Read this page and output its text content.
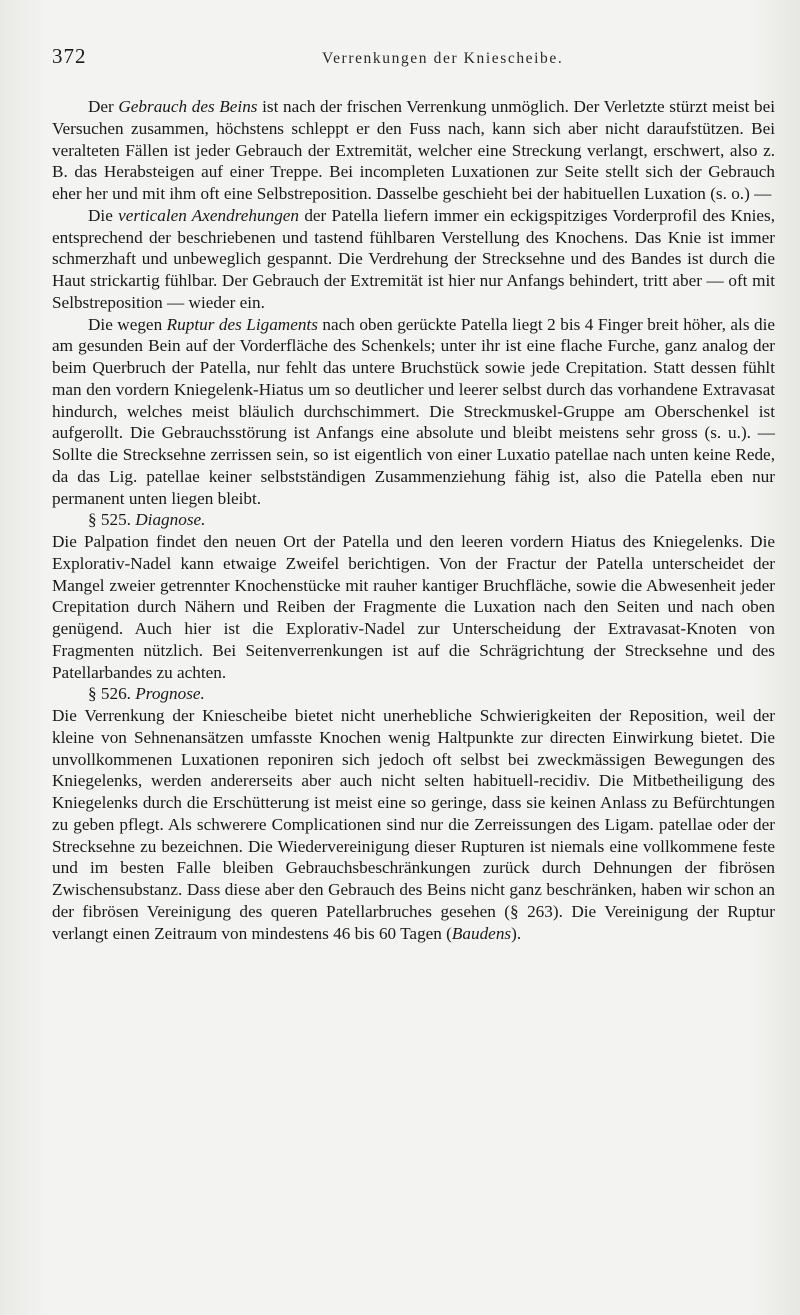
372	Verrenkungen der Kniescheibe.

Der Gebrauch des Beins ist nach der frischen Verrenkung unmöglich. Der Verletzte stürzt meist bei Versuchen zusammen, höchstens schleppt er den Fuss nach, kann sich aber nicht daraufstützen. Bei veralteten Fällen ist jeder Gebrauch der Extremität, welcher eine Streckung verlangt, erschwert, also z. B. das Herabsteigen auf einer Treppe. Bei incompleten Luxationen zur Seite stellt sich der Gebrauch eher her und mit ihm oft eine Selbstreposition. Dasselbe geschieht bei der habituellen Luxation (s. o.) —

Die verticalen Axendrehungen der Patella liefern immer ein eckigspitziges Vorderprofil des Knies, entsprechend der beschriebenen und tastend fühlbaren Verstellung des Knochens. Das Knie ist immer schmerzhaft und unbeweglich gespannt. Die Verdrehung der Strecksehne und des Bandes ist durch die Haut strickartig fühlbar. Der Gebrauch der Extremität ist hier nur Anfangs behindert, tritt aber — oft mit Selbstreposition — wieder ein.

Die wegen Ruptur des Ligaments nach oben gerückte Patella liegt 2 bis 4 Finger breit höher, als die am gesunden Bein auf der Vorderfläche des Schenkels; unter ihr ist eine flache Furche, ganz analog der beim Querbruch der Patella, nur fehlt das untere Bruchstück sowie jede Crepitation. Statt dessen fühlt man den vordern Kniegelenk-Hiatus um so deutlicher und leerer selbst durch das vorhandene Extravasat hindurch, welches meist bläulich durchschimmert. Die Streckmuskel-Gruppe am Oberschenkel ist aufgerollt. Die Gebrauchsstörung ist Anfangs eine absolute und bleibt meistens sehr gross (s. u.). — Sollte die Strecksehne zerrissen sein, so ist eigentlich von einer Luxatio patellae nach unten keine Rede, da das Lig. patellae keiner selbstständigen Zusammenziehung fähig ist, also die Patella eben nur permanent unten liegen bleibt.

§ 525. Diagnose.

Die Palpation findet den neuen Ort der Patella und den leeren vordern Hiatus des Kniegelenks. Die Explorativ-Nadel kann etwaige Zweifel berichtigen. Von der Fractur der Patella unterscheidet der Mangel zweier getrennter Knochenstücke mit rauher kantiger Bruchfläche, sowie die Abwesenheit jeder Crepitation durch Nähern und Reiben der Fragmente die Luxation nach den Seiten und nach oben genügend. Auch hier ist die Explorativ-Nadel zur Unterscheidung der Extravasat-Knoten von Fragmenten nützlich. Bei Seitenverrenkungen ist auf die Schrägrichtung der Strecksehne und des Patellarbandes zu achten.

§ 526. Prognose.

Die Verrenkung der Kniescheibe bietet nicht unerhebliche Schwierigkeiten der Reposition, weil der kleine von Sehnenansätzen umfasste Knochen wenig Haltpunkte zur directen Einwirkung bietet. Die unvollkommenen Luxationen reponiren sich jedoch oft selbst bei zweckmässigen Bewegungen des Kniegelenks, werden andererseits aber auch nicht selten habituell-recidiv. Die Mitbetheiligung des Kniegelenks durch die Erschütterung ist meist eine so geringe, dass sie keinen Anlass zu Befürchtungen zu geben pflegt. Als schwerere Complicationen sind nur die Zerreissungen des Ligam. patellae oder der Strecksehne zu bezeichnen. Die Wiedervereinigung dieser Rupturen ist niemals eine vollkommene feste und im besten Falle bleiben Gebrauchsbeschränkungen zurück durch Dehnungen der fibrösen Zwischensubstanz. Dass diese aber den Gebrauch des Beins nicht ganz beschränken, haben wir schon an der fibrösen Vereinigung des queren Patellarbruches gesehen (§ 263). Die Vereinigung der Ruptur verlangt einen Zeitraum von mindestens 46 bis 60 Tagen (Baudens).
